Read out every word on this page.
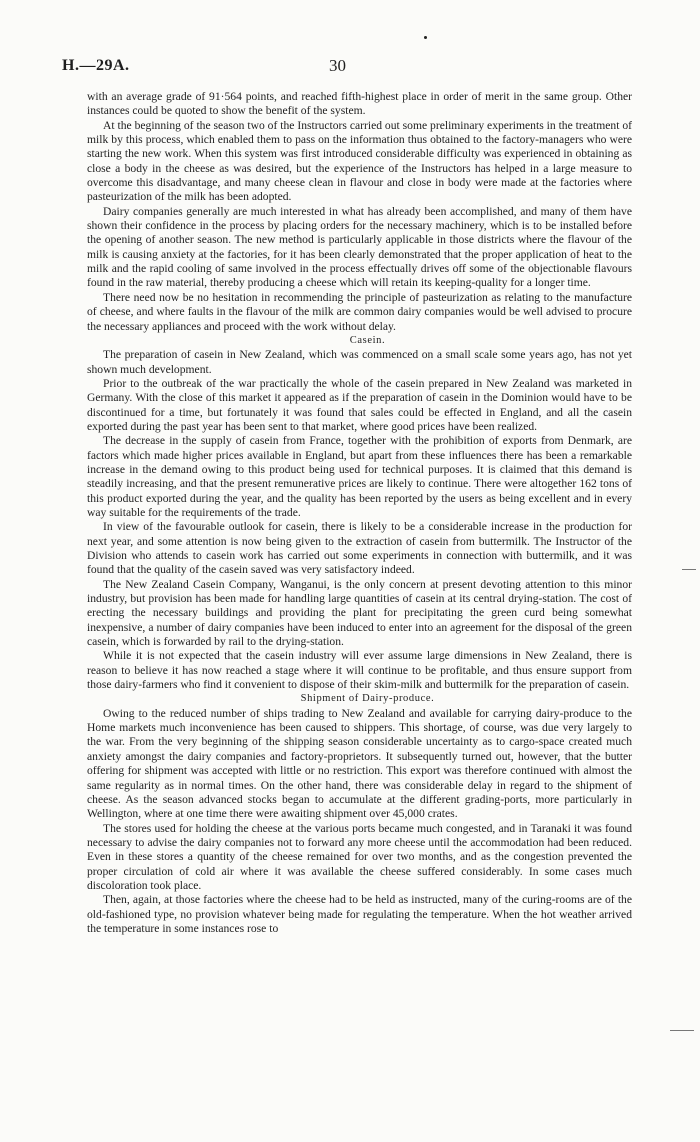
H.—29A.	30

with an average grade of 91·564 points, and reached fifth-highest place in order of merit in the same group. Other instances could be quoted to show the benefit of the system.

At the beginning of the season two of the Instructors carried out some preliminary experiments in the treatment of milk by this process, which enabled them to pass on the information thus obtained to the factory-managers who were starting the new work. When this system was first introduced considerable difficulty was experienced in obtaining as close a body in the cheese as was desired, but the experience of the Instructors has helped in a large measure to overcome this disadvantage, and many cheese clean in flavour and close in body were made at the factories where pasteurization of the milk has been adopted.

Dairy companies generally are much interested in what has already been accomplished, and many of them have shown their confidence in the process by placing orders for the necessary machinery, which is to be installed before the opening of another season. The new method is particularly applicable in those districts where the flavour of the milk is causing anxiety at the factories, for it has been clearly demonstrated that the proper application of heat to the milk and the rapid cooling of same involved in the process effectually drives off some of the objectionable flavours found in the raw material, thereby producing a cheese which will retain its keeping-quality for a longer time.

There need now be no hesitation in recommending the principle of pasteurization as relating to the manufacture of cheese, and where faults in the flavour of the milk are common dairy companies would be well advised to procure the necessary appliances and proceed with the work without delay.

Casein.

The preparation of casein in New Zealand, which was commenced on a small scale some years ago, has not yet shown much development.

Prior to the outbreak of the war practically the whole of the casein prepared in New Zealand was marketed in Germany. With the close of this market it appeared as if the preparation of casein in the Dominion would have to be discontinued for a time, but fortunately it was found that sales could be effected in England, and all the casein exported during the past year has been sent to that market, where good prices have been realized.

The decrease in the supply of casein from France, together with the prohibition of exports from Denmark, are factors which made higher prices available in England, but apart from these influences there has been a remarkable increase in the demand owing to this product being used for technical purposes. It is claimed that this demand is steadily increasing, and that the present remunerative prices are likely to continue. There were altogether 162 tons of this product exported during the year, and the quality has been reported by the users as being excellent and in every way suitable for the requirements of the trade.

In view of the favourable outlook for casein, there is likely to be a considerable increase in the production for next year, and some attention is now being given to the extraction of casein from buttermilk. The Instructor of the Division who attends to casein work has carried out some experiments in connection with buttermilk, and it was found that the quality of the casein saved was very satisfactory indeed.

The New Zealand Casein Company, Wanganui, is the only concern at present devoting attention to this minor industry, but provision has been made for handling large quantities of casein at its central drying-station. The cost of erecting the necessary buildings and providing the plant for precipitating the green curd being somewhat inexpensive, a number of dairy companies have been induced to enter into an agreement for the disposal of the green casein, which is forwarded by rail to the drying-station.

While it is not expected that the casein industry will ever assume large dimensions in New Zealand, there is reason to believe it has now reached a stage where it will continue to be profitable, and thus ensure support from those dairy-farmers who find it convenient to dispose of their skim-milk and buttermilk for the preparation of casein.

Shipment of Dairy-produce.

Owing to the reduced number of ships trading to New Zealand and available for carrying dairy-produce to the Home markets much inconvenience has been caused to shippers. This shortage, of course, was due very largely to the war. From the very beginning of the shipping season considerable uncertainty as to cargo-space created much anxiety amongst the dairy companies and factory-proprietors. It subsequently turned out, however, that the butter offering for shipment was accepted with little or no restriction. This export was therefore continued with almost the same regularity as in normal times. On the other hand, there was considerable delay in regard to the shipment of cheese. As the season advanced stocks began to accumulate at the different grading-ports, more particularly in Wellington, where at one time there were awaiting shipment over 45,000 crates.

The stores used for holding the cheese at the various ports became much congested, and in Taranaki it was found necessary to advise the dairy companies not to forward any more cheese until the accommodation had been reduced. Even in these stores a quantity of the cheese remained for over two months, and as the congestion prevented the proper circulation of cold air where it was available the cheese suffered considerably. In some cases much discoloration took place.

Then, again, at those factories where the cheese had to be held as instructed, many of the curing-rooms are of the old-fashioned type, no provision whatever being made for regulating the temperature. When the hot weather arrived the temperature in some instances rose to
